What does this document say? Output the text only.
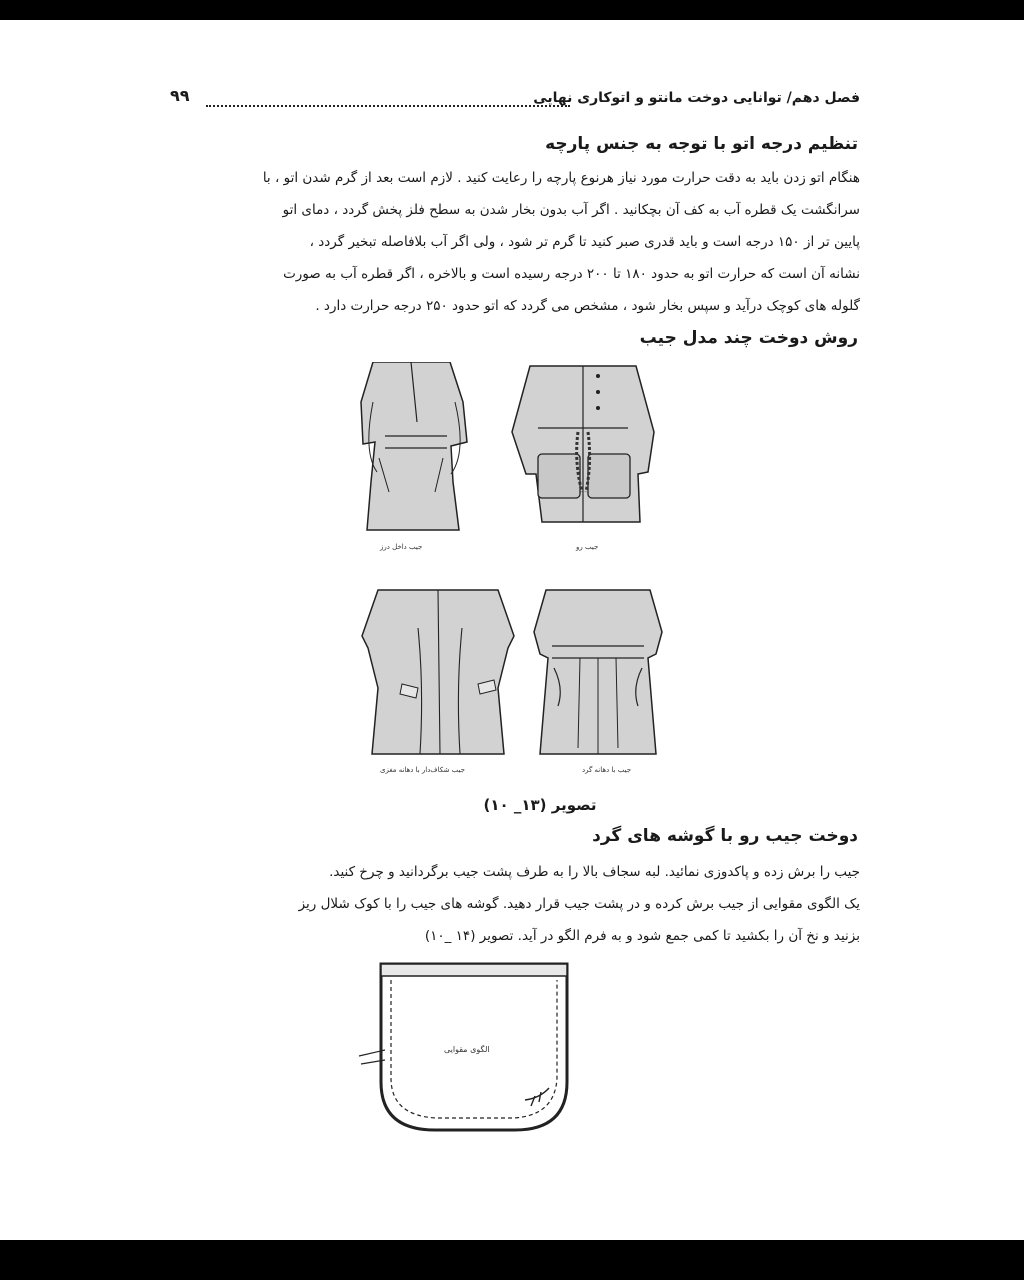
فصل دهم/ توانایی دوخت مانتو و اتوکاری نهایی
۹۹
تنظیم درجه اتو با توجه به جنس پارچه
هنگام اتو زدن باید به دقت حرارت مورد نیاز هرنوع پارچه را رعایت کنید . لازم است بعد از گرم شدن اتو ، با
سرانگشت یک قطره آب به کف آن بچکانید . اگر آب بدون بخار شدن به سطح فلز پخش گردد ، دمای اتو
پایین تر از ۱۵۰ درجه است و باید قدری صبر کنید تا گرم تر شود ، ولی اگر آب بلافاصله تبخیر گردد ،
نشانه آن است که حرارت اتو به حدود ۱۸۰ تا ۲۰۰ درجه رسیده است و بالاخره ، اگر قطره آب به صورت
گلوله های کوچک درآید و سپس بخار شود ، مشخص می گردد که اتو حدود ۲۵۰ درجه حرارت دارد .
روش دوخت چند مدل جیب
جیب داخل درز	جیب رو
جیب شکاف‌دار با دهانه مغزی	جیب با دهانه گرد
تصویر (۱۳_ ۱۰)
دوخت جیب رو با گوشه های گرد
جیب را برش زده و پاکدوزی نمائید. لبه سجاف بالا را به طرف پشت جیب برگردانید و چرخ کنید.
یک الگوی مقوایی از جیب برش کرده و در پشت جیب قرار دهید. گوشه های جیب را با کوک شلال ریز
بزنید و نخ آن را بکشید تا کمی جمع شود و به فرم الگو در آید. تصویر (۱۴ _۱۰)
الگوی مقوایی
